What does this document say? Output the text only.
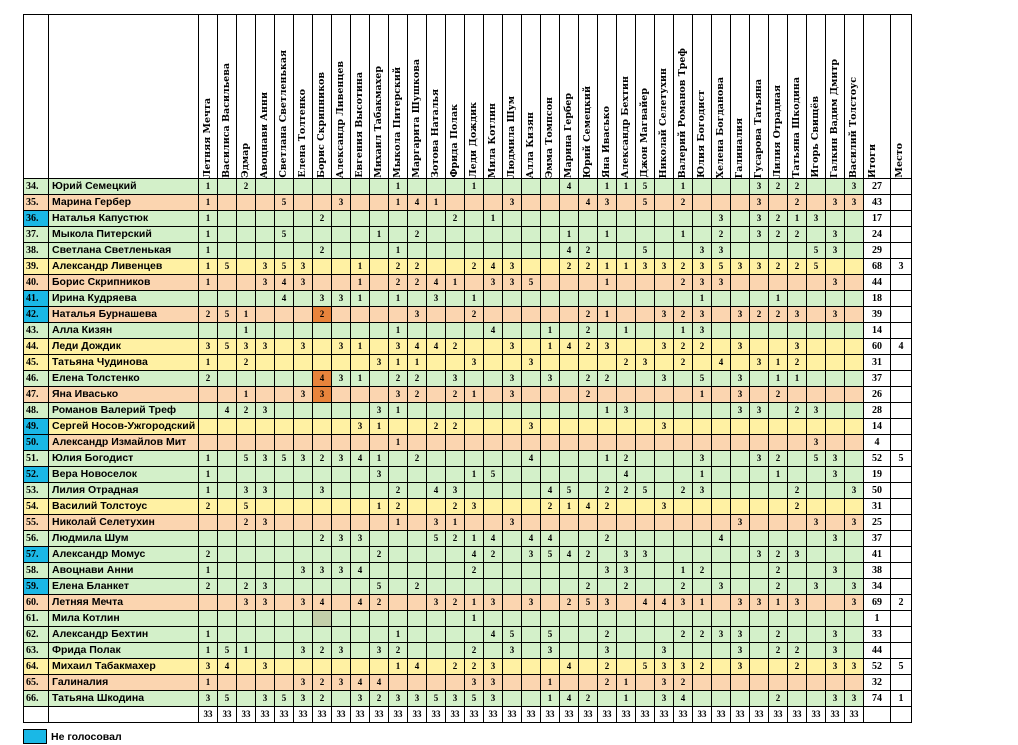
		Летняя Мечта	Василиса Васильева	Эдмар	Авоцнави Анни	Светлана Светленькая	Елена Толтенко	Борис Скрипников	Александр Ливенцев	Евгения Высотина	Михаил Табакмахер	Мыкола Питерский	Маргарита Шушкова	Зотова Наталья	Фрида Полак	Леди Дождик	Мила Котлин	Людмила Шум	Алла Кизян	Эмма Томпсон	Марина Гербер	Юрий Семецкий	Яна Ивасько	Александр Бехтин	Джон Магвайер	Николай Селетухин	Валерий Романов Треф	Юлия Богодист	Хелена Богданова	Галиналия	Гусарова Татьяна	Лилия Отрадная	Татьяна Шкодина	Игорь Свищёв	Галкин Вадим Дмитр	Василий Толстоус	Итоги	Место

34.	Юрий Семецкий	1		2								1				1					4		1	1	5		1				3	2	2			3	27	
35.	Марина Гербер	1				5			3			1	4	1				3				4	3		5		2				3		2		3	3	43	
36.	Наталья Капустюк	1						2							2		1												3		3	2	1	3			17	
37.	Мыкола Питерский	1				5					1		2								1		1				1		2		3	2	2		3		24	
38.	Светлана Светленькая	1						2				1									4	2			5			3	3					5	3		29	
39.	Александр Ливенцев	1	5		3	5	3			1		2	2			2	4	3			2	2	1	1	3	3	2	3	5	3	3	2	2	5			68	3
40.	Борис Скрипников	1			3	4	3			1		2	2	4	1		3	3	5				1				2	3	3						3		44	
41.	Ирина Кудряева					4		3	3	1		1		3		1												1				1					18	
42.	Наталья Бурнашева	2	5	1				2					3			2						2	1			3	2	3		3	2	2	3		3		39	
43.	Алла Кизян			1								1					4			1		2		1			1	3									14	
44.	Леди Дождик	3	5	3	3		3		3	1		3	4	4	2			3		1	4	2	3			3	2	2		3			3				60	4
45.	Татьяна Чудинова	1		2							3	1	1			3			3					2	3		2		4		3	1	2				31	
46.	Елена Толстенко	2						4	3	1		2	2		3			3		3		2	2			3		5		3		1	1				37	
47.	Яна Ивасько			1			3	3				3	2		2	1		3				2						1		3		2					26	
48.	Романов Валерий Треф		4	2	3						3	1											1	3						3	3		2	3			28	
49.	Сергей Носов-Ужгородский									3	1			2	2				3							3											14	
50.	Александр Измайлов Мит											1																						3			4	
51.	Юлия Богодист	1		5	3	5	3	2	3	4	1		2						4				1	2				3			3	2		5	3		52	5
52.	Вера Новоселок	1									3					1	5							4				1				1			3		19	
53.	Лилия Отрадная	1		3	3			3				2		4	3					4	5		2	2	5		2	3					2			3	50	
54.	Василий Толстоус	2		5							1	2			2	3				2	1	4	2			3							2				31	
55.	Николай Селетухин			2	3							1		3	1			3												3				3		3	25	
56.	Людмила Шум							2	3	3				5	2	1	4		4	4			2						4						3		37	
57.	Александр Момус	2									2					4	2		3	5	4	2		3	3						3	2	3				41	
58.	Авоцнави Анни	1					3	3	3	4						2							3	3			1	2				2			3		38	
59.	Елена Бланкет	2		2	3						5		2									2		2			2		3			2		3		3	34	
60.	Летняя Мечта			3	3		3	4		4	2			3	2	1	3		3		2	5	3		4	4	3	1		3	3	1	3			3	69	2
61.	Мила Котлин															1																					1	
62.	Александр Бехтин	1										1					4	5		5			2				2	2	3	3		2			3		33	
63.	Фрида Полак	1	5	1			3	2	3		3	2				2		3		3			3			3				3		2	2		3		44	
64.	Михаил Табакмахер	3	4		3							1	4		2	2	3				4		2		5	3	3	2		3			2		3	3	52	5
65.	Галиналия	1					3	2	3	4	4					3	3			1			2	1		3	2										32	
66.	Татьяна Шкодина	3	5		3	5	3	2		3	2	3	3	5	3	5	3			1	4	2		1		3	4					2			3	3	74	1
		33	33	33	33	33	33	33	33	33	33	33	33	33	33	33	33	33	33	33	33	33	33	33	33	33	33	33	33	33	33	33	33	33	33	33		
Не голосовал
